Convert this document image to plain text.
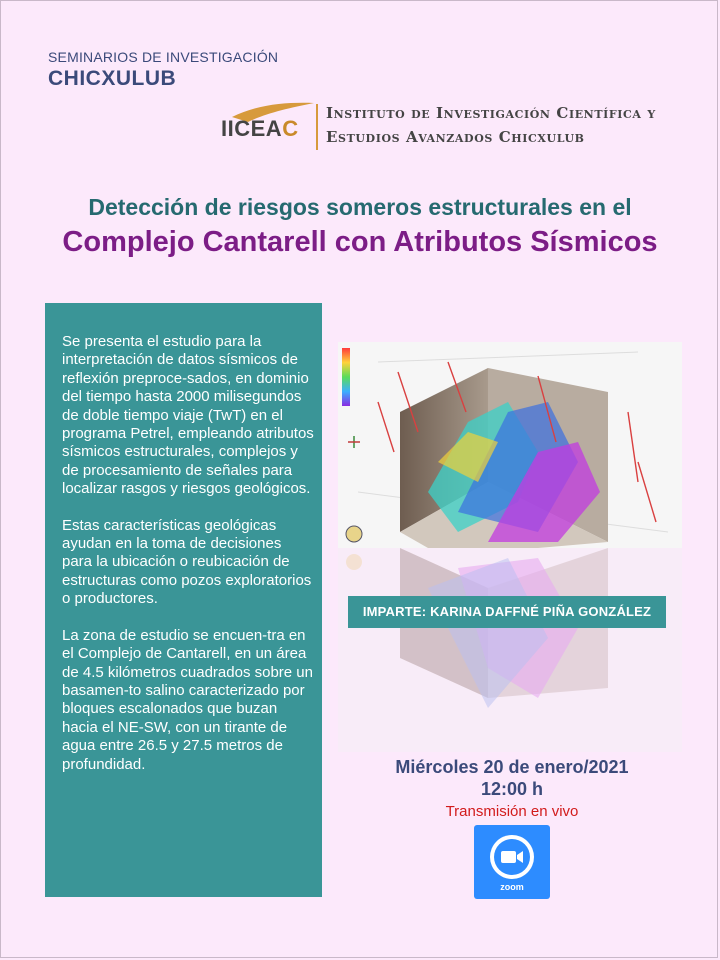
SEMINARIOS DE INVESTIGACIÓN
CHICXULUB
IICEAC
Instituto de Investigación Científica y
Estudios Avanzados Chicxulub
Detección de riesgos someros estructurales en el
Complejo Cantarell con Atributos Sísmicos

Se presenta el estudio para la interpretación de datos sísmicos de reflexión preproce-sados, en dominio del tiempo hasta 2000 milisegundos de doble tiempo viaje (TwT) en el programa Petrel, empleando atributos sísmicos estructurales, complejos y de procesamiento de señales para localizar rasgos y riesgos geológicos.

Estas características geológicas ayudan en la toma de decisiones para la ubicación o reubicación de estructuras como pozos exploratorios o productores.

La zona de estudio se encuen-tra en el Complejo de Cantarell, en un área de 4.5 kilómetros cuadrados sobre un basamen-to salino caracterizado por bloques escalonados que buzan hacia el NE-SW, con un tirante de agua entre 26.5 y 27.5 metros de profundidad.

IMPARTE: KARINA DAFFNÉ PIÑA GONZÁLEZ
Miércoles 20 de enero/2021
12:00 h
Transmisión en vivo
zoom
